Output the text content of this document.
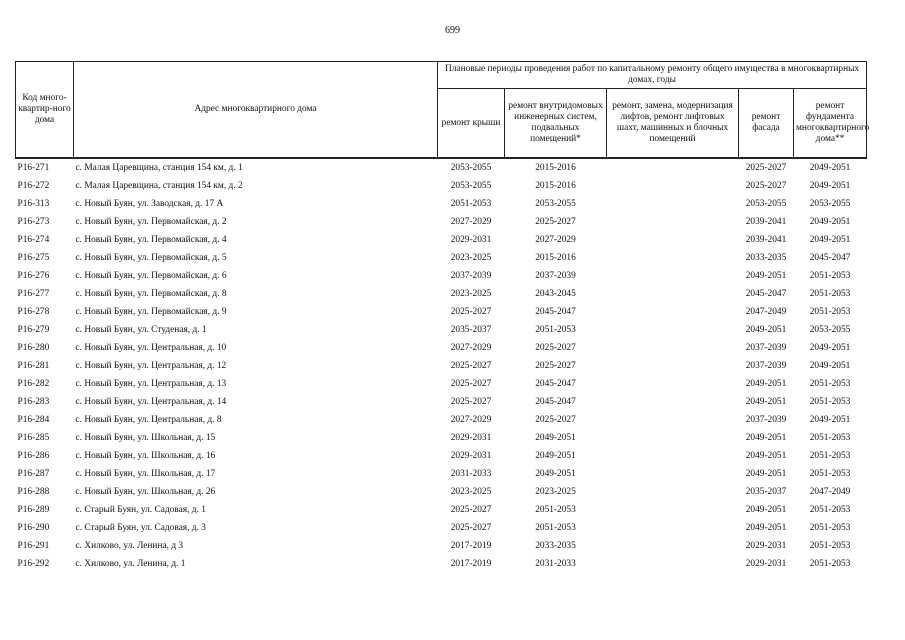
699
Код много-квартир-ного дома	Адрес многоквартирного дома	Плановые периоды проведения работ по капитальному ремонту общего имущества в многоквартирных домах, годы				
		ремонт крыши	ремонт внутридомовых инженерных систем, подвальных помещений*	ремонт, замена, модернизация лифтов, ремонт лифтовых шахт, машинных и блочных помещений	ремонт фасада	ремонт фундамента многоквартирного дома**
Р16-271	с. Малая Царевщина, станция 154 км, д. 1	2053-2055	2015-2016		2025-2027	2049-2051
Р16-272	с. Малая Царевщина, станция 154 км, д. 2	2053-2055	2015-2016		2025-2027	2049-2051
Р16-313	с. Новый Буян, ул. Заводская, д. 17 А	2051-2053	2053-2055		2053-2055	2053-2055
Р16-273	с. Новый Буян, ул. Первомайская, д. 2	2027-2029	2025-2027		2039-2041	2049-2051
Р16-274	с. Новый Буян, ул. Первомайская, д. 4	2029-2031	2027-2029		2039-2041	2049-2051
Р16-275	с. Новый Буян, ул. Первомайская, д. 5	2023-2025	2015-2016		2033-2035	2045-2047
Р16-276	с. Новый Буян, ул. Первомайская, д. 6	2037-2039	2037-2039		2049-2051	2051-2053
Р16-277	с. Новый Буян, ул. Первомайская, д. 8	2023-2025	2043-2045		2045-2047	2051-2053
Р16-278	с. Новый Буян, ул. Первомайская, д. 9	2025-2027	2045-2047		2047-2049	2051-2053
Р16-279	с. Новый Буян, ул. Студеная, д. 1	2035-2037	2051-2053		2049-2051	2053-2055
Р16-280	с. Новый Буян, ул. Центральная, д. 10	2027-2029	2025-2027		2037-2039	2049-2051
Р16-281	с. Новый Буян, ул. Центральная, д. 12	2025-2027	2025-2027		2037-2039	2049-2051
Р16-282	с. Новый Буян, ул. Центральная, д. 13	2025-2027	2045-2047		2049-2051	2051-2053
Р16-283	с. Новый Буян, ул. Центральная, д. 14	2025-2027	2045-2047		2049-2051	2051-2053
Р16-284	с. Новый Буян, ул. Центральная, д. 8	2027-2029	2025-2027		2037-2039	2049-2051
Р16-285	с. Новый Буян, ул. Школьная, д. 15	2029-2031	2049-2051		2049-2051	2051-2053
Р16-286	с. Новый Буян, ул. Школьная, д. 16	2029-2031	2049-2051		2049-2051	2051-2053
Р16-287	с. Новый Буян, ул. Школьная, д. 17	2031-2033	2049-2051		2049-2051	2051-2053
Р16-288	с. Новый Буян, ул. Школьная, д. 26	2023-2025	2023-2025		2035-2037	2047-2049
Р16-289	с. Старый Буян, ул. Садовая, д. 1	2025-2027	2051-2053		2049-2051	2051-2053
Р16-290	с. Старый Буян, ул. Садовая, д. 3	2025-2027	2051-2053		2049-2051	2051-2053
Р16-291	с. Хилково, ул. Ленина, д 3	2017-2019	2033-2035		2029-2031	2051-2053
Р16-292	с. Хилково, ул. Ленина, д. 1	2017-2019	2031-2033		2029-2031	2051-2053
